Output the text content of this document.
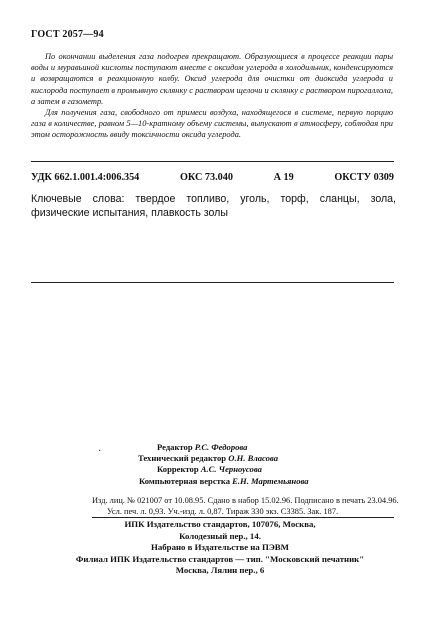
ГОСТ 2057—94

По окончании выделения газа подогрев прекращают. Образующиеся в процессе реакции пары воды и муравьиной кислоты поступают вместе с оксидом углерода в холодильник, конденсируются и возвращаются в реакционную колбу. Оксид углерода для очистки от диоксида углерода и кислорода поступает в промывную склянку с раствором щелочи и склянку с раствором пирогаллола, а затем в газометр.

Для получения газа, свободного от примеси воздуха, находящегося в системе, первую порцию газа в количестве, равном 5—10-кратному объему системы, выпускают в атмосферу, соблюдая при этом осторожность ввиду токсичности оксида углерода.

УДК 662.1.001.4:006.354	ОКС 73.040	А 19	ОКСТУ 0309
Ключевые слова: твердое топливо, уголь, торф, сланцы, зола, физические испытания, плавкость золы
·	Редактор Р.С. Федорова
Технический редактор О.Н. Власова
Корректор А.С. Черноусова
Компьютерная верстка Е.Н. Мартемьянова
Изд. лиц. № 021007 от 10.08.95. Сдано в набор 15.02.96. Подписано в печать 23.04.96.
Усл. печ. л. 0,93. Уч.-изд. л. 0,87. Тираж 330 экз. С3385. Зак. 187.
ИПК Издательство стандартов, 107076, Москва,
Колодезный пер., 14.
Набрано в Издательстве на ПЭВМ
Филиал ИПК Издательство стандартов — тип. "Московский печатник"
Москва, Лялин пер., 6
